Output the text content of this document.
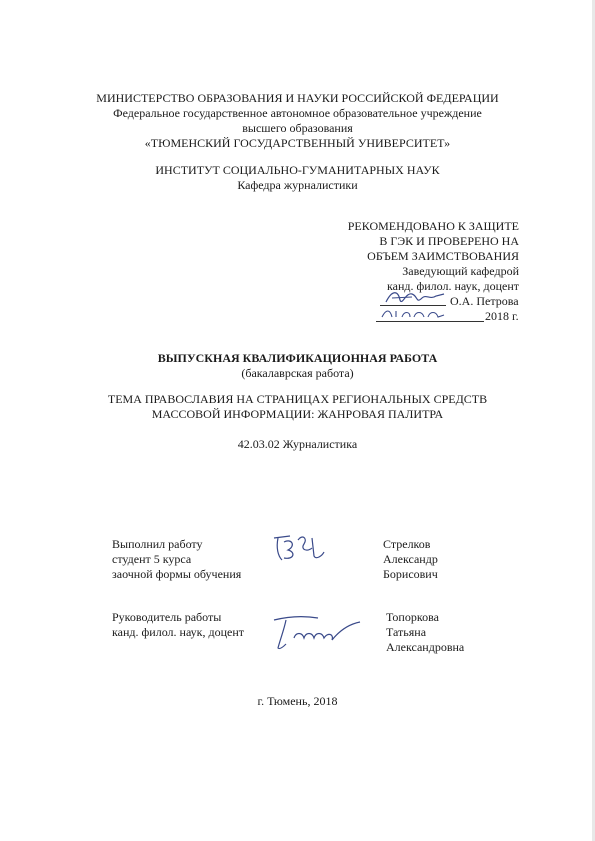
МИНИСТЕРСТВО ОБРАЗОВАНИЯ И НАУКИ РОССИЙСКОЙ ФЕДЕРАЦИИ
Федеральное государственное автономное образовательное учреждение
высшего образования
«ТЮМЕНСКИЙ ГОСУДАРСТВЕННЫЙ УНИВЕРСИТЕТ»
ИНСТИТУТ СОЦИАЛЬНО-ГУМАНИТАРНЫХ НАУК
Кафедра журналистики
РЕКОМЕНДОВАНО К ЗАЩИТЕ
В ГЭК И ПРОВЕРЕНО НА
ОБЪЕМ ЗАИМСТВОВАНИЯ
Заведующий кафедрой
канд. филол. наук, доцент
О.А. Петрова
2018 г.
ВЫПУСКНАЯ КВАЛИФИКАЦИОННАЯ РАБОТА
(бакалаврская работа)
ТЕМА ПРАВОСЛАВИЯ НА СТРАНИЦАХ РЕГИОНАЛЬНЫХ СРЕДСТВ
МАССОВОЙ ИНФОРМАЦИИ: ЖАНРОВАЯ ПАЛИТРА
42.03.02 Журналистика
Выполнил работу
студент 5 курса
заочной формы обучения
Стрелков
Александр
Борисович
Руководитель работы
канд. филол. наук, доцент
Топоркова
Татьяна
Александровна
г. Тюмень, 2018
